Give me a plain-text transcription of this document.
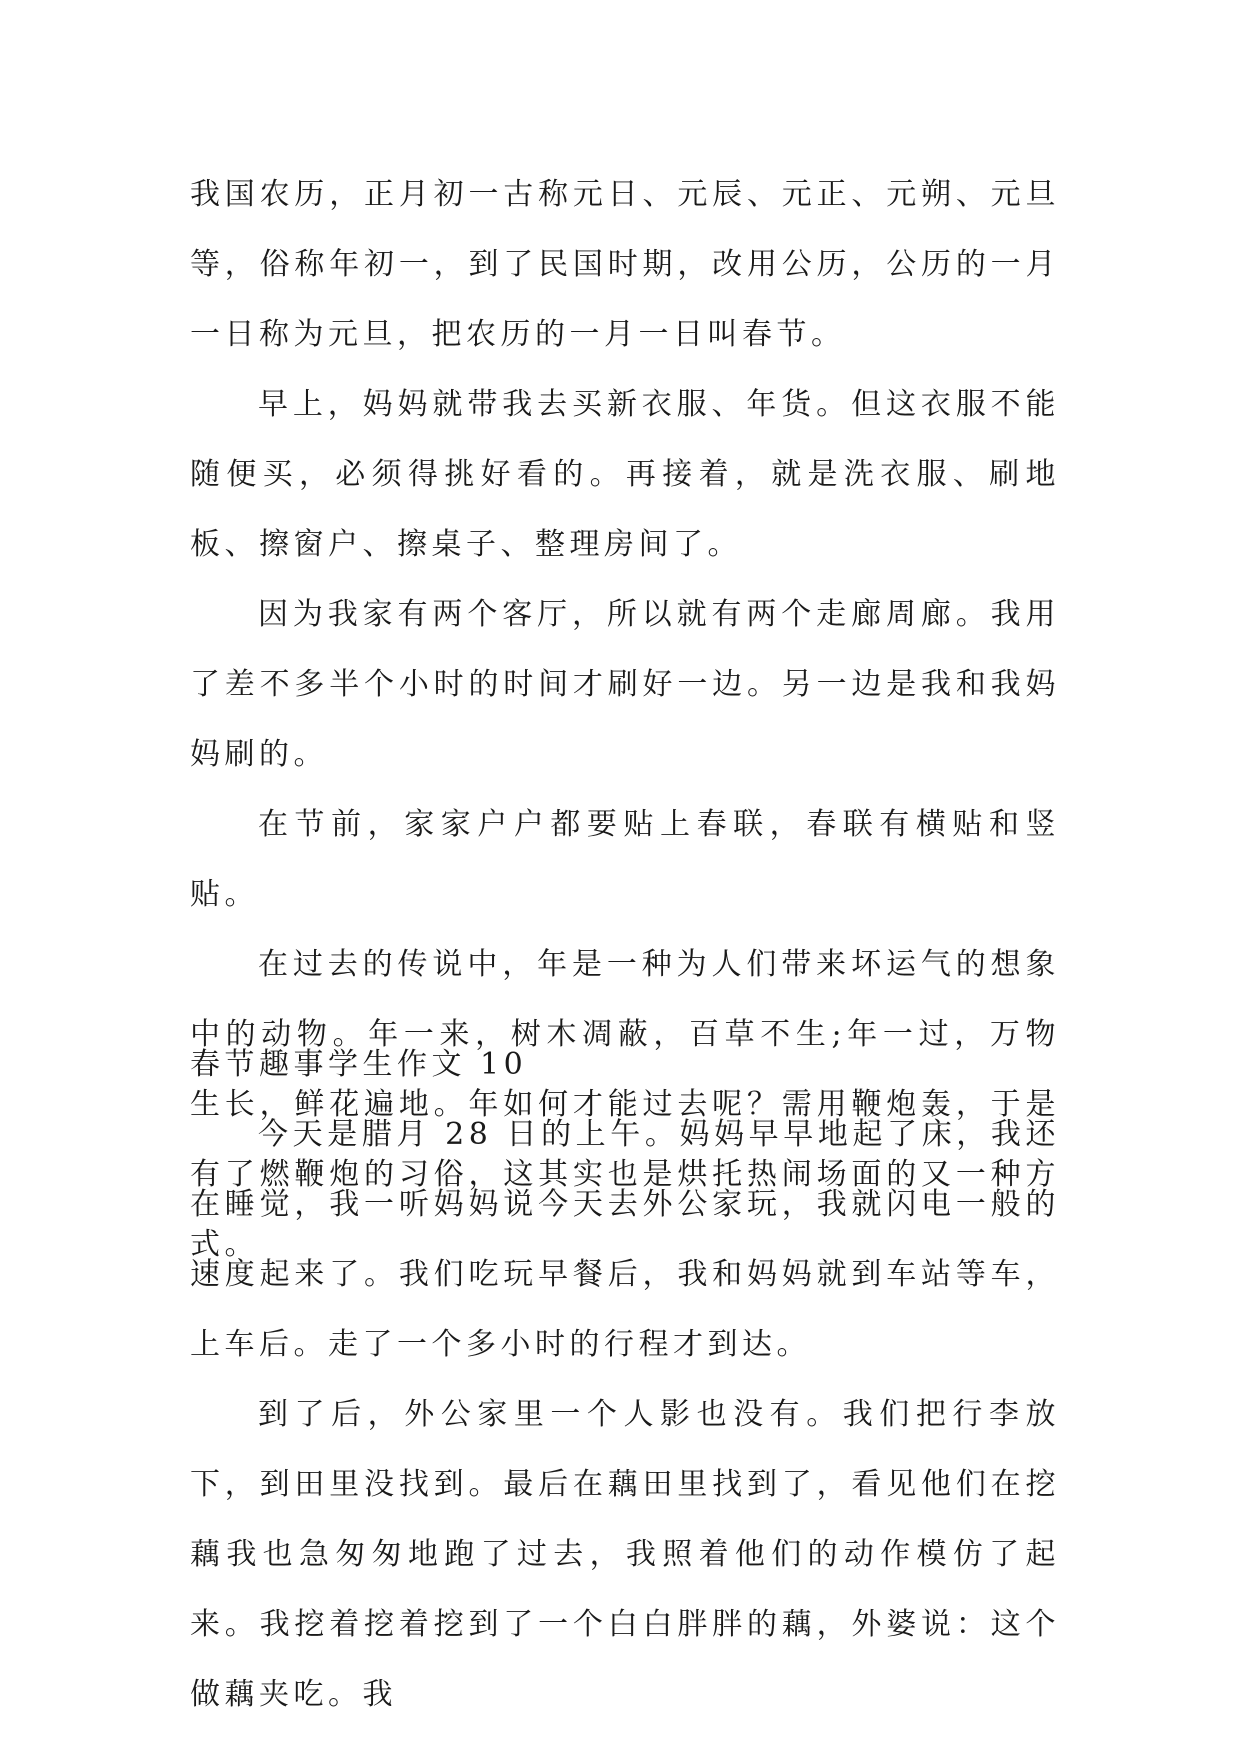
我国农历，正月初一古称元日、元辰、元正、元朔、元旦等，俗称年初一，到了民国时期，改用公历，公历的一月一日称为元旦，把农历的一月一日叫春节。

早上，妈妈就带我去买新衣服、年货。但这衣服不能随便买，必须得挑好看的。再接着，就是洗衣服、刷地板、擦窗户、擦桌子、整理房间了。

因为我家有两个客厅，所以就有两个走廊周廊。我用了差不多半个小时的时间才刷好一边。另一边是我和我妈妈刷的。

在节前，家家户户都要贴上春联，春联有横贴和竖贴。

在过去的传说中，年是一种为人们带来坏运气的想象中的动物。年一来，树木凋蔽，百草不生;年一过，万物生长，鲜花遍地。年如何才能过去呢？需用鞭炮轰，于是有了燃鞭炮的习俗，这其实也是烘托热闹场面的又一种方式。

春节趣事学生作文 10

今天是腊月 28 日的上午。妈妈早早地起了床，我还在睡觉，我一听妈妈说今天去外公家玩，我就闪电一般的速度起来了。我们吃玩早餐后，我和妈妈就到车站等车，上车后。走了一个多小时的行程才到达。

到了后，外公家里一个人影也没有。我们把行李放下，到田里没找到。最后在藕田里找到了，看见他们在挖藕我也急匆匆地跑了过去，我照着他们的动作模仿了起来。我挖着挖着挖到了一个白白胖胖的藕，外婆说：这个做藕夹吃。我
